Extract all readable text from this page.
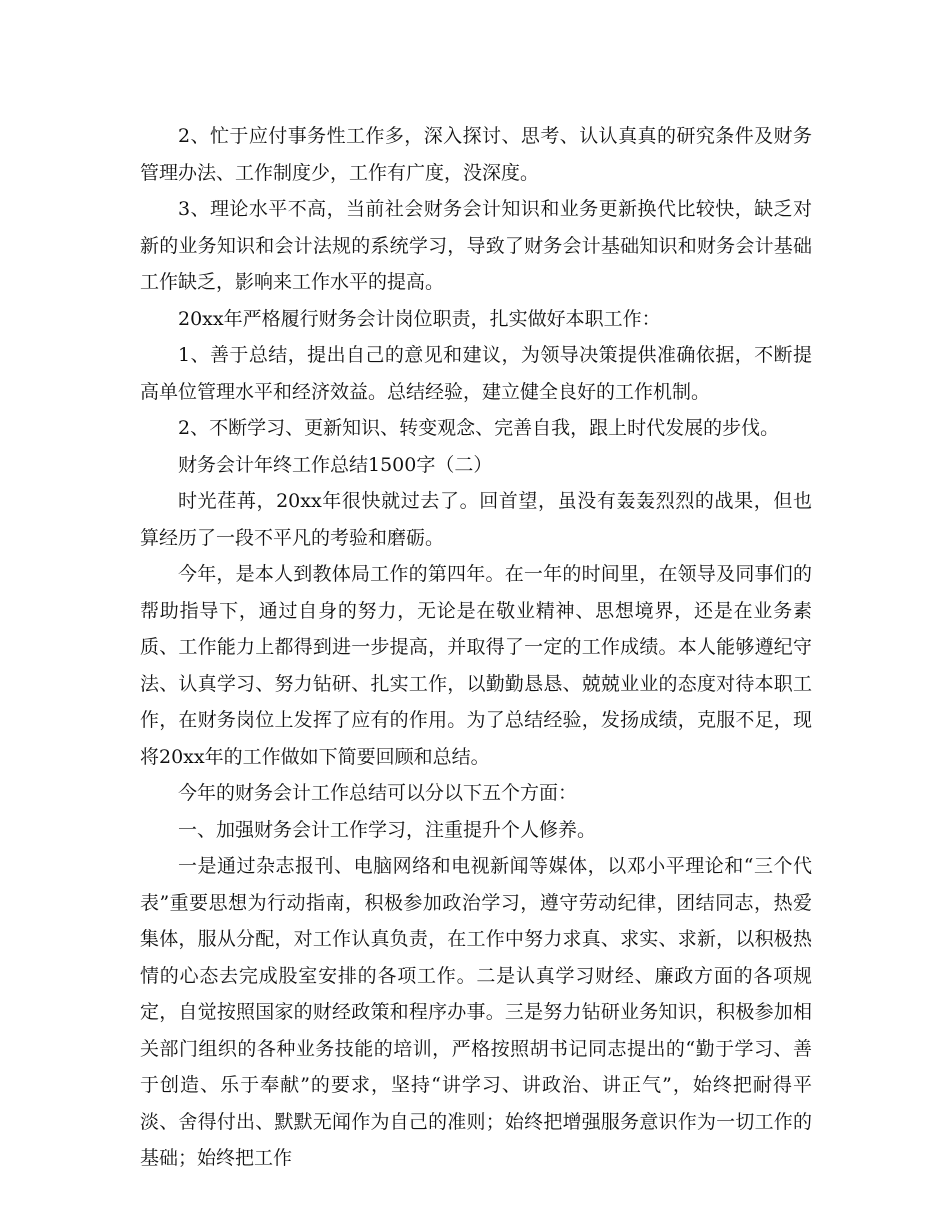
2、忙于应付事务性工作多，深入探讨、思考、认认真真的研究条件及财务管理办法、工作制度少，工作有广度，没深度。

3、理论水平不高，当前社会财务会计知识和业务更新换代比较快，缺乏对新的业务知识和会计法规的系统学习，导致了财务会计基础知识和财务会计基础工作缺乏，影响来工作水平的提高。

20xx年严格履行财务会计岗位职责，扎实做好本职工作：

1、善于总结，提出自己的意见和建议，为领导决策提供准确依据，不断提高单位管理水平和经济效益。总结经验，建立健全良好的工作机制。

2、不断学习、更新知识、转变观念、完善自我，跟上时代发展的步伐。

财务会计年终工作总结1500字（二）

时光荏苒，20xx年很快就过去了。回首望，虽没有轰轰烈烈的战果，但也算经历了一段不平凡的考验和磨砺。

今年，是本人到教体局工作的第四年。在一年的时间里，在领导及同事们的帮助指导下，通过自身的努力，无论是在敬业精神、思想境界，还是在业务素质、工作能力上都得到进一步提高，并取得了一定的工作成绩。本人能够遵纪守法、认真学习、努力钻研、扎实工作，以勤勤恳恳、兢兢业业的态度对待本职工作，在财务岗位上发挥了应有的作用。为了总结经验，发扬成绩，克服不足，现将20xx年的工作做如下简要回顾和总结。

今年的财务会计工作总结可以分以下五个方面：

一、加强财务会计工作学习，注重提升个人修养。

一是通过杂志报刊、电脑网络和电视新闻等媒体，以邓小平理论和“三个代表”重要思想为行动指南，积极参加政治学习，遵守劳动纪律，团结同志，热爱集体，服从分配，对工作认真负责，在工作中努力求真、求实、求新，以积极热情的心态去完成股室安排的各项工作。二是认真学习财经、廉政方面的各项规定，自觉按照国家的财经政策和程序办事。三是努力钻研业务知识，积极参加相关部门组织的各种业务技能的培训，严格按照胡书记同志提出的“勤于学习、善于创造、乐于奉献”的要求，坚持“讲学习、讲政治、讲正气”，始终把耐得平淡、舍得付出、默默无闻作为自己的准则；始终把增强服务意识作为一切工作的基础；始终把工作
